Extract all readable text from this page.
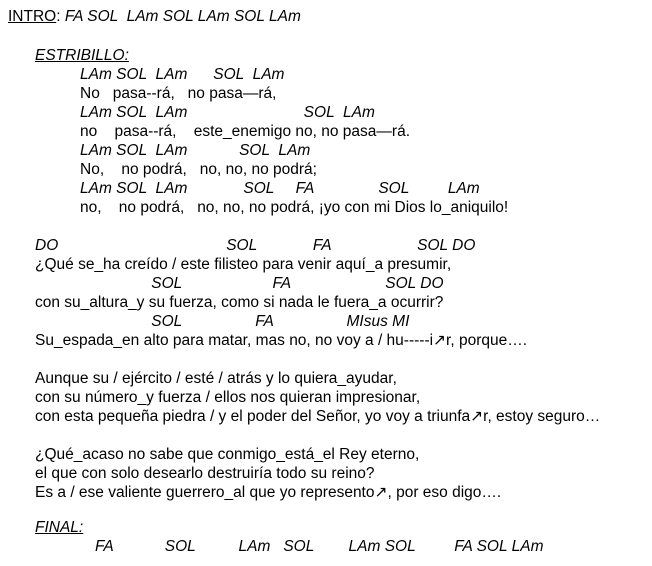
INTRO: FA SOL  LAm SOL LAm SOL LAm
ESTRIBILLO:
LAm SOL  LAm      SOL  LAm
No   pasa--rá,   no pasa—rá,
LAm SOL  LAm                           SOL  LAm
no    pasa--rá,    este_enemigo no, no pasa—rá.
LAm SOL  LAm            SOL  LAm
No,    no podrá,   no, no, no podrá;
LAm SOL  LAm             SOL     FA               SOL         LAm
no,    no podrá,   no, no, no podrá, ¡yo con mi Dios lo_aniquilo!
DO                                       SOL             FA                    SOL DO
¿Qué se_ha creído / este filisteo para venir aquí_a presumir,
SOL                     FA                      SOL DO
con su_altura_y su fuerza, como si nada le fuera_a ocurrir?
SOL                 FA                 MIsus MI
Su_espada_en alto para matar, mas no, no voy a / hu-----i↗r, porque….
Aunque su / ejército / esté / atrás y lo quiera_ayudar,
con su número_y fuerza / ellos nos quieran impresionar,
con esta pequeña piedra / y el poder del Señor, yo voy a triunfa↗r, estoy seguro…
¿Qué_acaso no sabe que conmigo_está_el Rey eterno,
el que con solo desearlo destruiría todo su reino?
Es a / ese valiente guerrero_al que yo represento↗, por eso digo….
FINAL:
FA            SOL          LAm   SOL        LAm SOL         FA SOL LAm
